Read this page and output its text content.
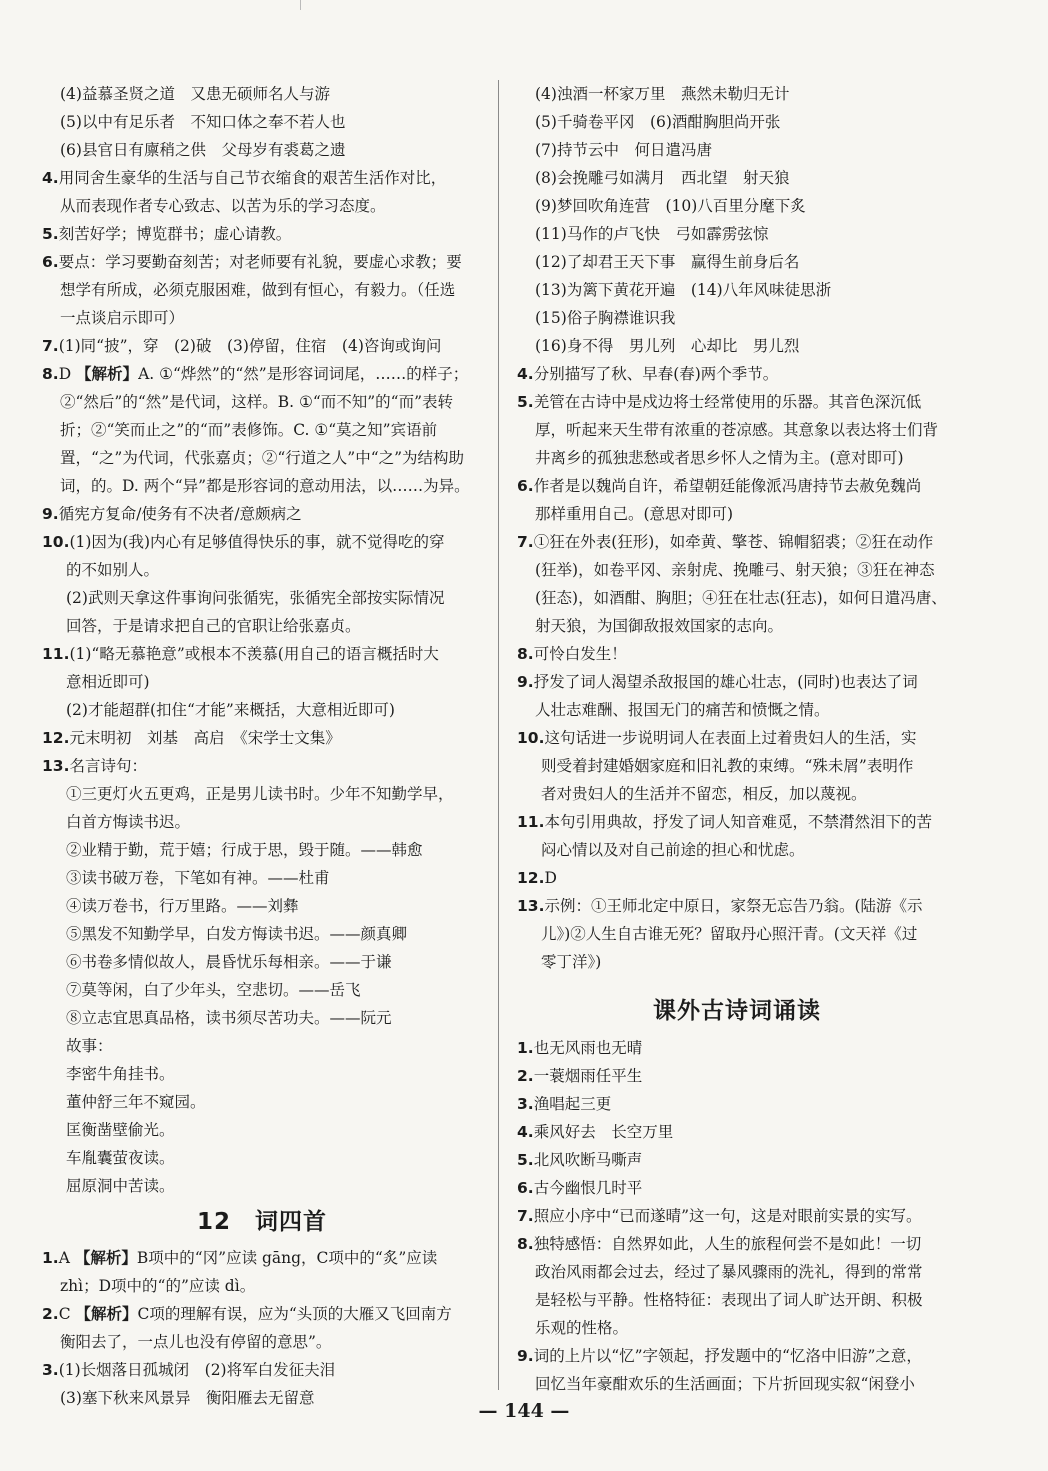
(4)益慕圣贤之道　又患无硕师名人与游
(5)以中有足乐者　不知口体之奉不若人也
(6)县官日有廪稍之供　父母岁有裘葛之遗
4.用同舍生豪华的生活与自己节衣缩食的艰苦生活作对比，
从而表现作者专心致志、以苦为乐的学习态度。
5.刻苦好学；博览群书；虚心请教。
6.要点：学习要勤奋刻苦；对老师要有礼貌，要虚心求教；要
想学有所成，必须克服困难，做到有恒心，有毅力。（任选
一点谈启示即可）
7.(1)同“披”，穿　(2)破　(3)停留，住宿　(4)咨询或询问
8.D 【解析】A. ①“烨然”的“然”是形容词词尾，……的样子；
②“然后”的“然”是代词，这样。B. ①“而不知”的“而”表转
折；②“笑而止之”的“而”表修饰。C. ①“莫之知”宾语前
置，“之”为代词，代张嘉贞；②“行道之人”中“之”为结构助
词，的。D. 两个“异”都是形容词的意动用法，以……为异。
9.循宪方复命/使务有不决者/意颇病之
10.(1)因为(我)内心有足够值得快乐的事，就不觉得吃的穿
的不如别人。
(2)武则天拿这件事询问张循宪，张循宪全部按实际情况
回答，于是请求把自己的官职让给张嘉贞。
11.(1)“略无慕艳意”或根本不羡慕(用自己的语言概括时大
意相近即可)
(2)才能超群(扣住“才能”来概括，大意相近即可)
12.元末明初　刘基　高启　《宋学士文集》
13.名言诗句：
①三更灯火五更鸡，正是男儿读书时。少年不知勤学早，
白首方悔读书迟。
②业精于勤，荒于嬉；行成于思，毁于随。——韩愈
③读书破万卷，下笔如有神。——杜甫
④读万卷书，行万里路。——刘彝
⑤黑发不知勤学早，白发方悔读书迟。——颜真卿
⑥书卷多情似故人，晨昏忧乐每相亲。——于谦
⑦莫等闲，白了少年头，空悲切。——岳飞
⑧立志宜思真品格，读书须尽苦功夫。——阮元
故事：
李密牛角挂书。
董仲舒三年不窥园。
匡衡凿壁偷光。
车胤囊萤夜读。
屈原洞中苦读。
12　词四首
1.A 【解析】B项中的“冈”应读 gāng，C项中的“炙”应读
zhì；D项中的“的”应读 dì。
2.C 【解析】C项的理解有误，应为“头顶的大雁又飞回南方
衡阳去了，一点儿也没有停留的意思”。
3.(1)长烟落日孤城闭　(2)将军白发征夫泪
(3)塞下秋来风景异　衡阳雁去无留意
(4)浊酒一杯家万里　燕然未勒归无计
(5)千骑卷平冈　(6)酒酣胸胆尚开张
(7)持节云中　何日遣冯唐
(8)会挽雕弓如满月　西北望　射天狼
(9)梦回吹角连营　(10)八百里分麾下炙
(11)马作的卢飞快　弓如霹雳弦惊
(12)了却君王天下事　赢得生前身后名
(13)为篱下黄花开遍　(14)八年风味徒思浙
(15)俗子胸襟谁识我
(16)身不得　男儿列　心却比　男儿烈
4.分别描写了秋、早春(春)两个季节。
5.羌管在古诗中是戍边将士经常使用的乐器。其音色深沉低
厚，听起来天生带有浓重的苍凉感。其意象以表达将士们背
井离乡的孤独悲愁或者思乡怀人之情为主。(意对即可)
6.作者是以魏尚自许，希望朝廷能像派冯唐持节去赦免魏尚
那样重用自己。(意思对即可)
7.①狂在外表(狂形)，如牵黄、擎苍、锦帽貂裘；②狂在动作
(狂举)，如卷平冈、亲射虎、挽雕弓、射天狼；③狂在神态
(狂态)，如酒酣、胸胆；④狂在壮志(狂志)，如何日遣冯唐、
射天狼，为国御敌报效国家的志向。
8.可怜白发生！
9.抒发了词人渴望杀敌报国的雄心壮志，(同时)也表达了词
人壮志难酬、报国无门的痛苦和愤慨之情。
10.这句话进一步说明词人在表面上过着贵妇人的生活，实
则受着封建婚姻家庭和旧礼教的束缚。“殊未屑”表明作
者对贵妇人的生活并不留恋，相反，加以蔑视。
11.本句引用典故，抒发了词人知音难觅，不禁潸然泪下的苦
闷心情以及对自己前途的担心和忧虑。
12.D
13.示例：①王师北定中原日，家祭无忘告乃翁。(陆游《示
儿》)②人生自古谁无死？留取丹心照汗青。(文天祥《过
零丁洋》)
课外古诗词诵读
1.也无风雨也无晴
2.一蓑烟雨任平生
3.渔唱起三更
4.乘风好去　长空万里
5.北风吹断马嘶声
6.古今幽恨几时平
7.照应小序中“已而遂晴”这一句，这是对眼前实景的实写。
8.独特感悟：自然界如此，人生的旅程何尝不是如此！一切
政治风雨都会过去，经过了暴风骤雨的洗礼，得到的常常
是轻松与平静。性格特征：表现出了词人旷达开朗、积极
乐观的性格。
9.词的上片以“忆”字领起，抒发题中的“忆洛中旧游”之意，
回忆当年豪酣欢乐的生活画面；下片折回现实叙“闲登小
— 144 —
